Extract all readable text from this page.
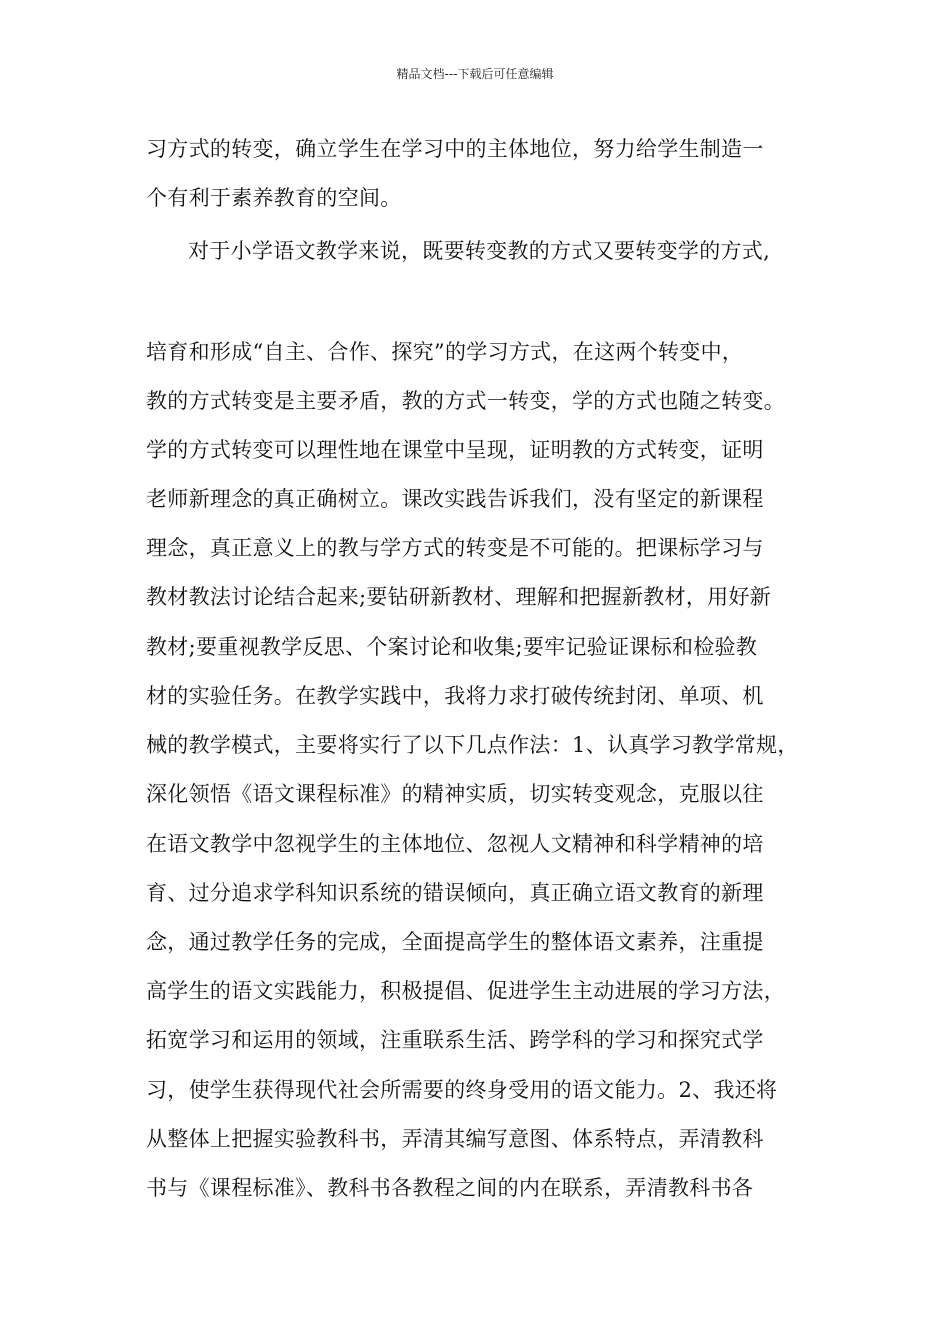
精品文档---下载后可任意编辑
习方式的转变，确立学生在学习中的主体地位，努力给学生制造一
个有利于素养教育的空间。
对于小学语文教学来说，既要转变教的方式又要转变学的方式,
培育和形成“自主、合作、探究”的学习方式，在这两个转变中，
教的方式转变是主要矛盾，教的方式一转变，学的方式也随之转变。
学的方式转变可以理性地在课堂中呈现，证明教的方式转变，证明
老师新理念的真正确树立。课改实践告诉我们，没有坚定的新课程
理念，真正意义上的教与学方式的转变是不可能的。把课标学习与
教材教法讨论结合起来;要钻研新教材、理解和把握新教材，用好新
教材;要重视教学反思、个案讨论和收集;要牢记验证课标和检验教
材的实验任务。在教学实践中，我将力求打破传统封闭、单项、机
械的教学模式，主要将实行了以下几点作法：1、认真学习教学常规，
深化领悟《语文课程标准》的精神实质，切实转变观念，克服以往
在语文教学中忽视学生的主体地位、忽视人文精神和科学精神的培
育、过分追求学科知识系统的错误倾向，真正确立语文教育的新理
念，通过教学任务的完成，全面提高学生的整体语文素养，注重提
高学生的语文实践能力，积极提倡、促进学生主动进展的学习方法，
拓宽学习和运用的领域，注重联系生活、跨学科的学习和探究式学
习，使学生获得现代社会所需要的终身受用的语文能力。2、我还将
从整体上把握实验教科书，弄清其编写意图、体系特点，弄清教科
书与《课程标准》、教科书各教程之间的内在联系，弄清教科书各
